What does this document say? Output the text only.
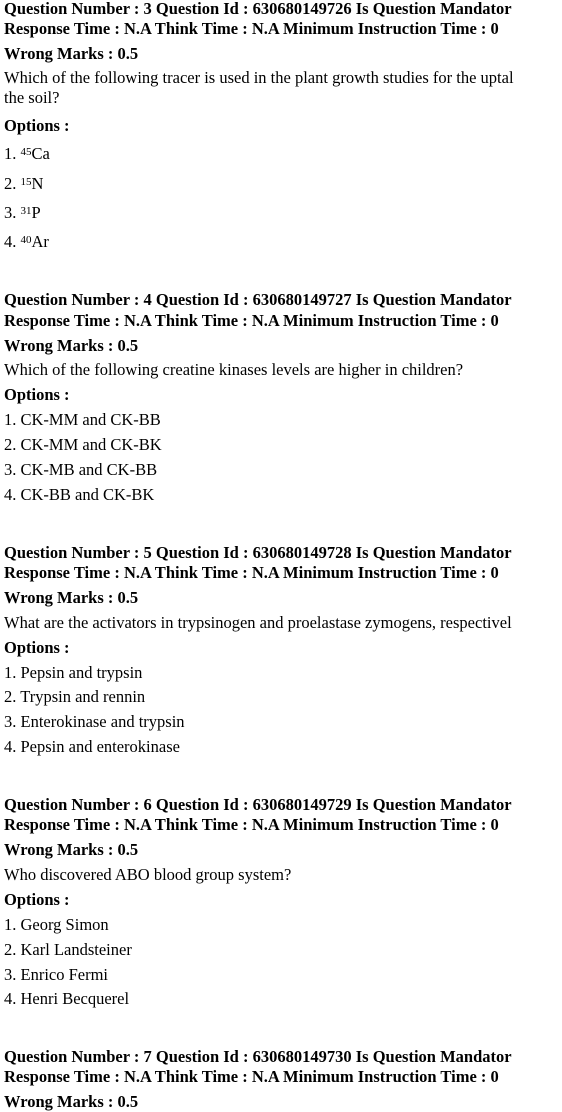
Question Number : 3 Question Id : 630680149726 Is Question Mandator
Response Time : N.A Think Time : N.A Minimum Instruction Time : 0
Wrong Marks : 0.5
Which of the following tracer is used in the plant growth studies for the uptal
the soil?
Options :
1. $^{45}$Ca
2. $^{15}$N
3. $^{31}$P
4. $^{40}$Ar
Question Number : 4 Question Id : 630680149727 Is Question Mandator
Response Time : N.A Think Time : N.A Minimum Instruction Time : 0
Wrong Marks : 0.5
Which of the following creatine kinases levels are higher in children?
Options :
1. CK-MM and CK-BB
2. CK-MM and CK-BK
3. CK-MB and CK-BB
4. CK-BB and CK-BK
Question Number : 5 Question Id : 630680149728 Is Question Mandator
Response Time : N.A Think Time : N.A Minimum Instruction Time : 0
Wrong Marks : 0.5
What are the activators in trypsinogen and proelastase zymogens, respectivel
Options :
1. Pepsin and trypsin
2. Trypsin and rennin
3. Enterokinase and trypsin
4. Pepsin and enterokinase
Question Number : 6 Question Id : 630680149729 Is Question Mandator
Response Time : N.A Think Time : N.A Minimum Instruction Time : 0
Wrong Marks : 0.5
Who discovered ABO blood group system?
Options :
1. Georg Simon
2. Karl Landsteiner
3. Enrico Fermi
4. Henri Becquerel
Question Number : 7 Question Id : 630680149730 Is Question Mandator
Response Time : N.A Think Time : N.A Minimum Instruction Time : 0
Wrong Marks : 0.5
